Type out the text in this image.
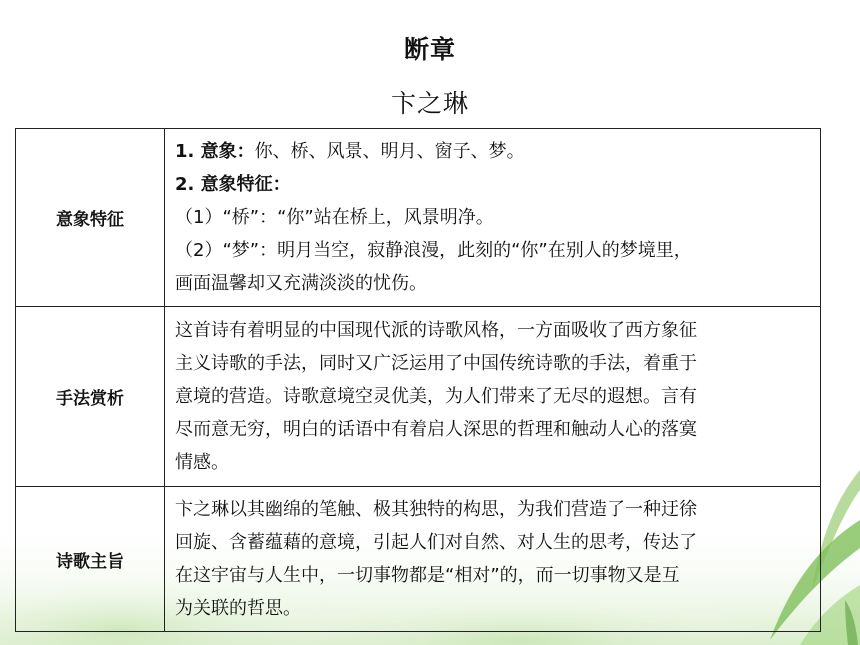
断章
卞之琳
意象特征	1. 意象：你、桥、风景、明月、窗子、梦。
2. 意象特征：
（1）“桥”：“你”站在桥上，风景明净。
（2）“梦”：明月当空，寂静浪漫，此刻的“你”在别人的梦境里，
画面温馨却又充满淡淡的忧伤。

手法赏析	这首诗有着明显的中国现代派的诗歌风格，一方面吸收了西方象征
主义诗歌的手法，同时又广泛运用了中国传统诗歌的手法，着重于
意境的营造。诗歌意境空灵优美，为人们带来了无尽的遐想。言有
尽而意无穷，明白的话语中有着启人深思的哲理和触动人心的落寞
情感。

诗歌主旨	卞之琳以其幽绵的笔触、极其独特的构思，为我们营造了一种迂徐
回旋、含蓄蕴藉的意境，引起人们对自然、对人生的思考，传达了
在这宇宙与人生中，一切事物都是“相对”的，而一切事物又是互
为关联的哲思。
